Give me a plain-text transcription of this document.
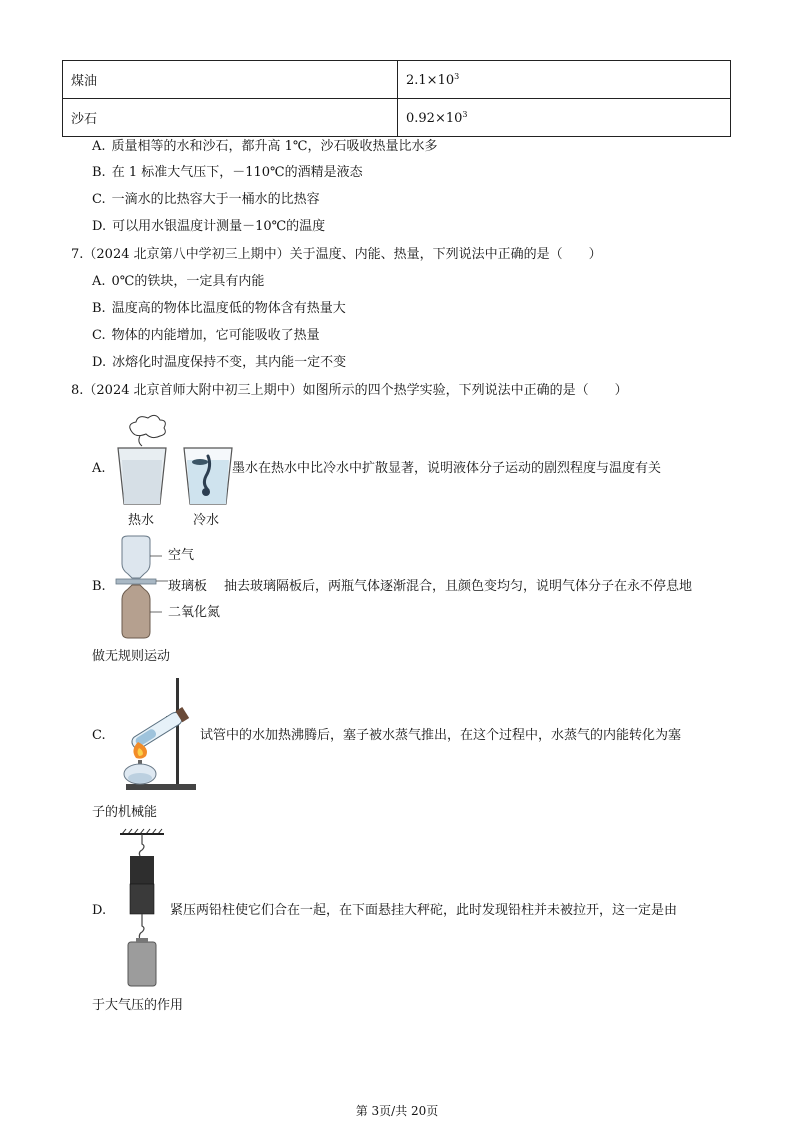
煤油	$2.1\times 10^3$
沙石	$0.92\times 10^3$
A. 质量相等的水和沙石，都升高 1℃，沙石吸收热量比水多
B. 在 1 标准大气压下，－110℃的酒精是液态
C. 一滴水的比热容大于一桶水的比热容
D. 可以用水银温度计测量－10℃的温度
7.（2024 北京第八中学初三上期中）关于温度、内能、热量，下列说法中正确的是（　　）
A. 0℃的铁块，一定具有内能
B. 温度高的物体比温度低的物体含有热量大
C. 物体的内能增加，它可能吸收了热量
D. 冰熔化时温度保持不变，其内能一定不变
8.（2024 北京首师大附中初三上期中）如图所示的四个热学实验，下列说法中正确的是（　　）
A.
热水	冷水
墨水在热水中比冷水中扩散显著，说明液体分子运动的剧烈程度与温度有关
B.
空气
玻璃板
二氧化氮
抽去玻璃隔板后，两瓶气体逐渐混合，且颜色变均匀，说明气体分子在永不停息地
做无规则运动
C.	试管中的水加热沸腾后，塞子被水蒸气推出，在这个过程中，水蒸气的内能转化为塞
子的机械能
D.	紧压两铅柱使它们合在一起，在下面悬挂大秤砣，此时发现铅柱并未被拉开，这一定是由
于大气压的作用
第 3页/共 20页
